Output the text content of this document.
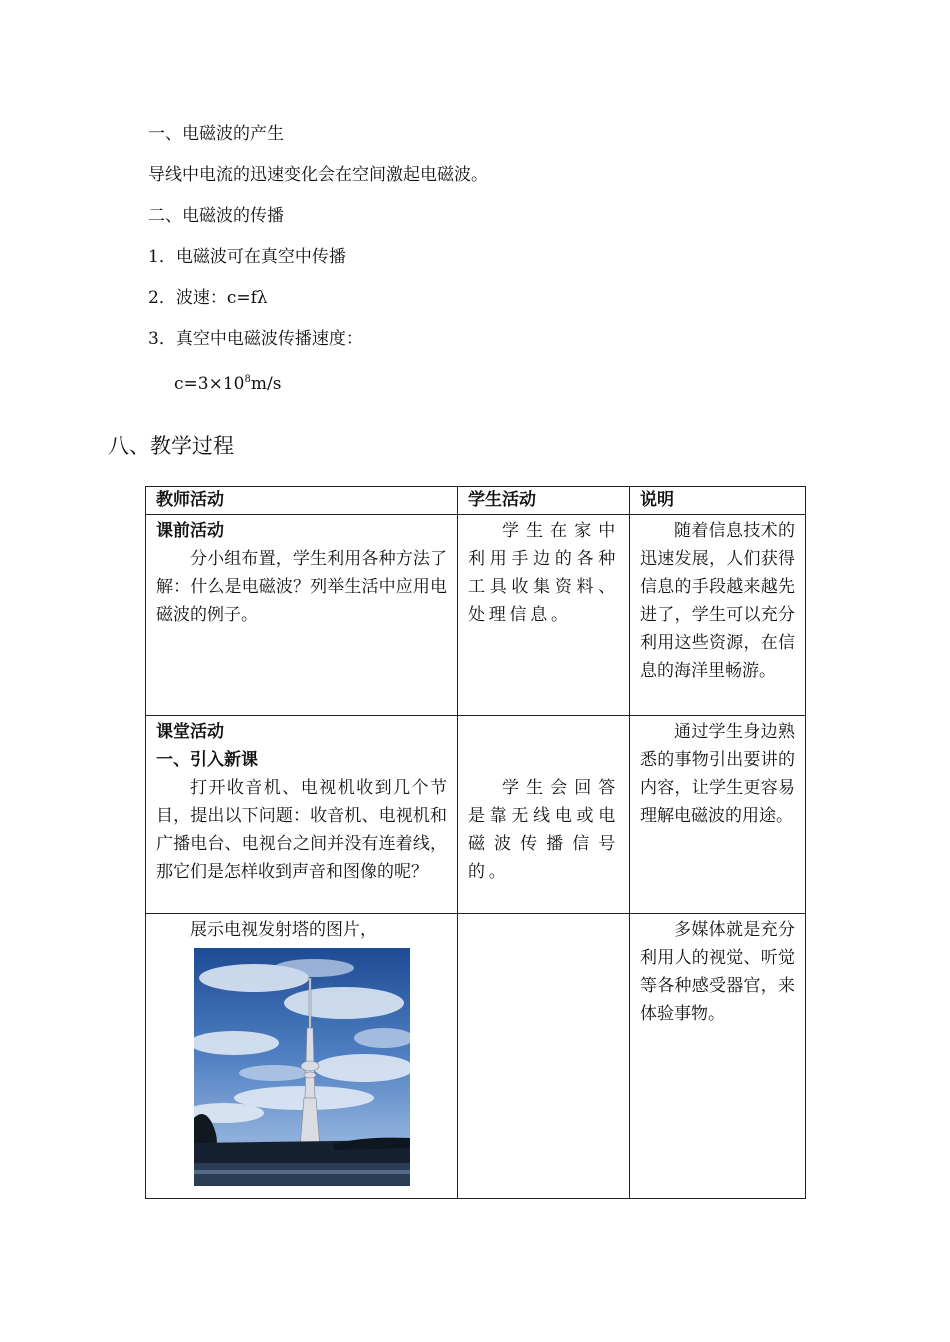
一、电磁波的产生
导线中电流的迅速变化会在空间激起电磁波。
二、电磁波的传播
1．电磁波可在真空中传播
2．波速：c=fλ
3．真空中电磁波传播速度：
$c=3\times 10^8m/s$
八、教学过程
教师活动	学生活动	说明

课前活动
分小组布置，学生利用各种方法了解：什么是电磁波？列举生活中应用电磁波的例子。	学生在家中利用手边的各种工具收集资料、处理信息。	随着信息技术的迅速发展，人们获得信息的手段越来越先进了，学生可以充分利用这些资源，在信息的海洋里畅游。

课堂活动
一、引入新课
打开收音机、电视机收到几个节目，提出以下问题：收音机、电视机和广播电台、电视台之间并没有连着线，那它们是怎样收到声音和图像的呢？	学生会回答是靠无线电或电磁波传播信号的。	通过学生身边熟悉的事物引出要讲的内容，让学生更容易理解电磁波的用途。

展示电视发射塔的图片，		多媒体就是充分利用人的视觉、听觉等各种感受器官，来体验事物。
